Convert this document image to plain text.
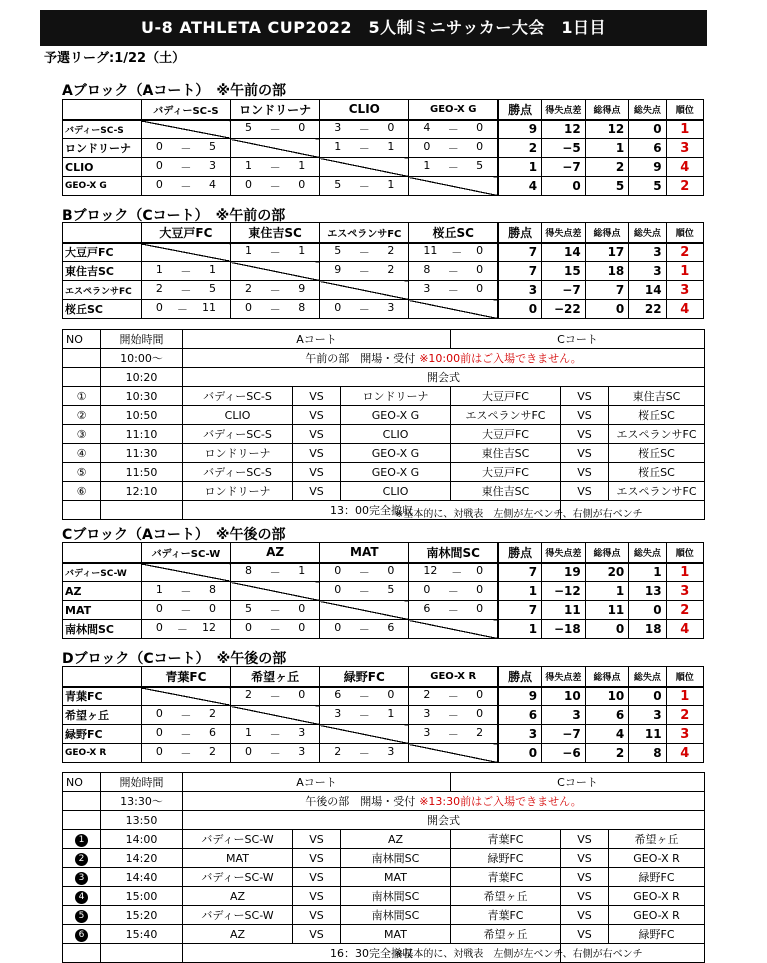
U-8 ATHLETA CUP2022　5人制ミニサッカー大会　1日目
予選リーグ:1/22（土）
Aブロック（Aコート）　※午前の部
Bブロック（Cコート）　※午前の部
Cブロック（Aコート）　※午後の部
Dブロック（Cコート）　※午後の部
	バディーSC-S	ロンドリーナ	CLIO	GEO-X G	勝点	得失点差	総得点	総失点	順位
バディーSC-S		5 － 0	3 － 0	4 － 0	9	12	12	0	1
ロンドリーナ	0 － 5		1 － 1	0 － 0	2	−5	1	6	3
CLIO	0 － 3	1 － 1		1 － 5	1	−7	2	9	4
GEO-X G	0 － 4	0 － 0	5 － 1		4	0	5	5	2
	大豆戸FC	東住吉SC	エスペランサFC	桜丘SC	勝点	得失点差	総得点	総失点	順位
大豆戸FC		1 － 1	5 － 2	11 － 0	7	14	17	3	2
東住吉SC	1 － 1		9 － 2	8 － 0	7	15	18	3	1
エスペランサFC	2 － 5	2 － 9		3 － 0	3	−7	7	14	3
桜丘SC	0 － 11	0 － 8	0 － 3		0	−22	0	22	4
	バディーSC-W	AZ	MAT	南林間SC	勝点	得失点差	総得点	総失点	順位
バディーSC-W		8 － 1	0 － 0	12 － 0	7	19	20	1	1
AZ	1 － 8		0 － 5	0 － 0	1	−12	1	13	3
MAT	0 － 0	5 － 0		6 － 0	7	11	11	0	2
南林間SC	0 － 12	0 － 0	0 － 6		1	−18	0	18	4
	青葉FC	希望ヶ丘	緑野FC	GEO-X R	勝点	得失点差	総得点	総失点	順位
青葉FC		2 － 0	6 － 0	2 － 0	9	10	10	0	1
希望ヶ丘	0 － 2		3 － 1	3 － 0	6	3	6	3	2
緑野FC	0 － 6	1 － 3		3 － 2	3	−7	4	11	3
GEO-X R	0 － 2	0 － 3	2 － 3		0	−6	2	8	4
NO	開始時間	Aコート			Cコート		
	10:00～	午前の部　開場・受付 ※10:00前はご入場できません。					
	10:20	開会式					
①	10:30	バディーSC-S	VS	ロンドリーナ	大豆戸FC	VS	東住吉SC
②	10:50	CLIO	VS	GEO-X G	エスペランサFC	VS	桜丘SC
③	11:10	バディーSC-S	VS	CLIO	大豆戸FC	VS	エスペランサFC
④	11:30	ロンドリーナ	VS	GEO-X G	東住吉SC	VS	桜丘SC
⑤	11:50	バディーSC-S	VS	GEO-X G	大豆戸FC	VS	桜丘SC
⑥	12:10	ロンドリーナ	VS	CLIO	東住吉SC	VS	エスペランサFC
		13：00完全撤収					
※基本的に、対戦表　左側が左ベンチ、右側が右ベンチ
NO	開始時間	Aコート			Cコート		
	13:30～	午後の部　開場・受付 ※13:30前はご入場できません。					
	13:50	開会式					
1	14:00	バディーSC-W	VS	AZ	青葉FC	VS	希望ヶ丘
2	14:20	MAT	VS	南林間SC	緑野FC	VS	GEO-X R
3	14:40	バディーSC-W	VS	MAT	青葉FC	VS	緑野FC
4	15:00	AZ	VS	南林間SC	希望ヶ丘	VS	GEO-X R
5	15:20	バディーSC-W	VS	南林間SC	青葉FC	VS	GEO-X R
6	15:40	AZ	VS	MAT	希望ヶ丘	VS	緑野FC
		16：30完全撤収					
※基本的に、対戦表　左側が左ベンチ、右側が右ベンチ
